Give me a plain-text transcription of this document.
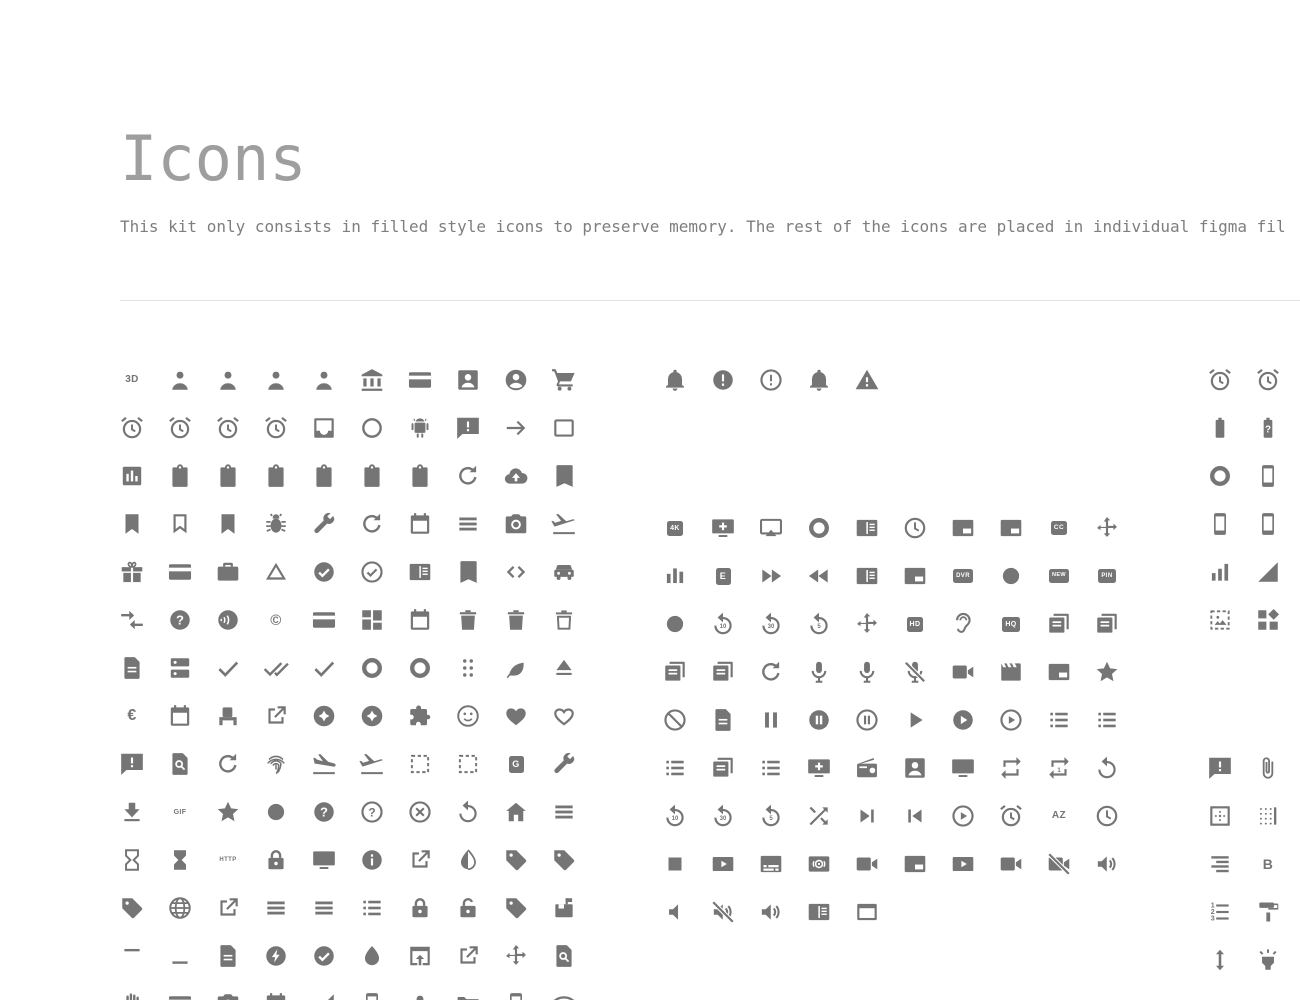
Icons
This kit only consists in filled style icons to preserve memory. The rest of the icons are placed in individual figma fil
3D
©
€
G
GIF
HTTP
4K	CC
E	DVR	NEW	PIN
10	30	5	HD	HQ
1
10	30	5	AZ
B
